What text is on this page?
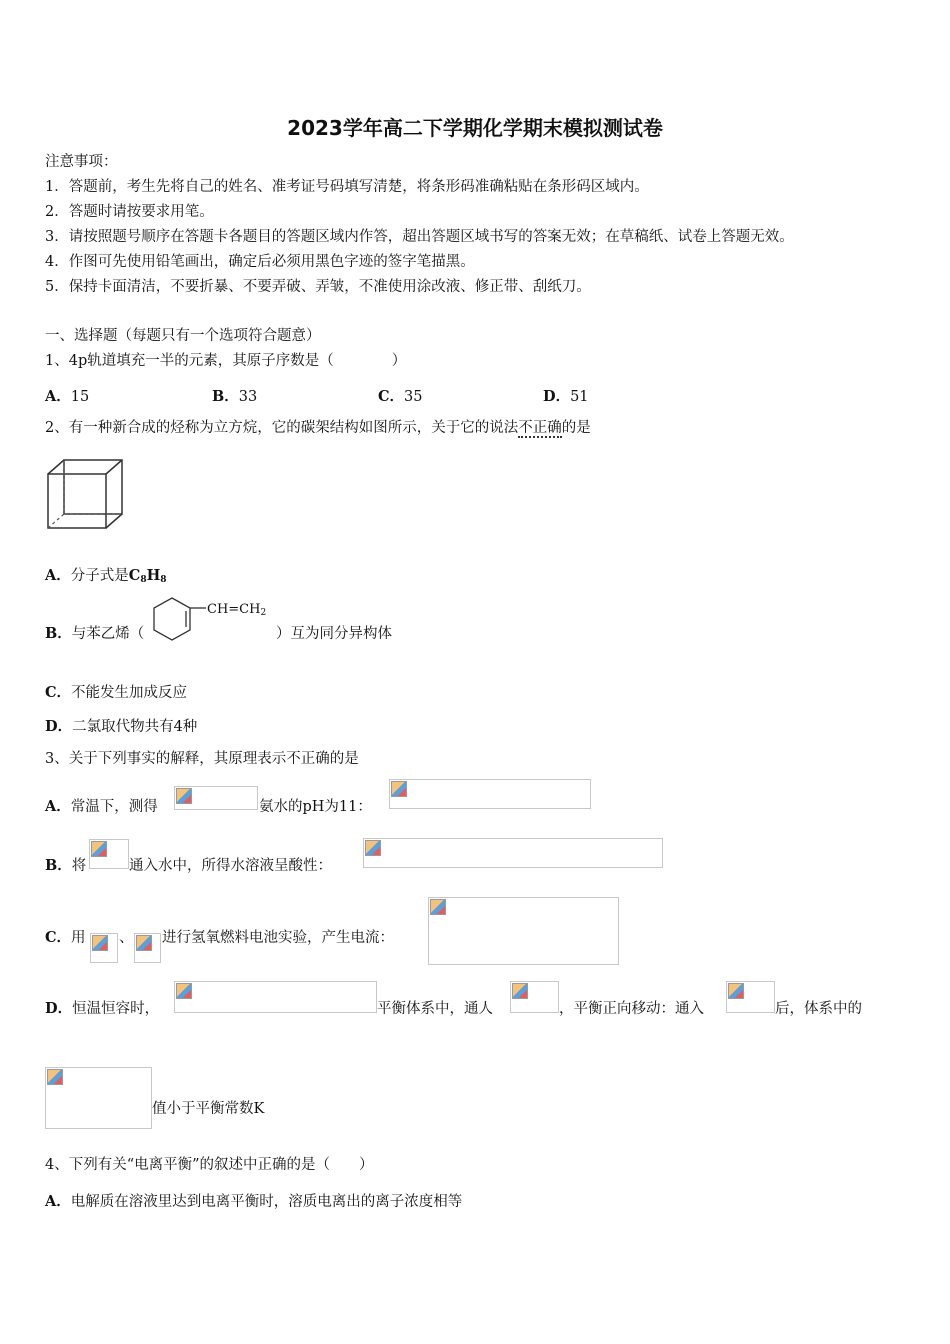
2023学年高二下学期化学期末模拟测试卷
注意事项：
1．答题前，考生先将自己的姓名、准考证号码填写清楚，将条形码准确粘贴在条形码区域内。
2．答题时请按要求用笔。
3．请按照题号顺序在答题卡各题目的答题区域内作答，超出答题区域书写的答案无效；在草稿纸、试卷上答题无效。
4．作图可先使用铅笔画出，确定后必须用黑色字迹的签字笔描黑。
5．保持卡面清洁，不要折暴、不要弄破、弄皱，不准使用涂改液、修正带、刮纸刀。
一、选择题（每题只有一个选项符合题意）
1、4p轨道填充一半的元素，其原子序数是（　　　　）
A．15	B．33	C．35	D．51
2、有一种新合成的烃称为立方烷，它的碳架结构如图所示，关于它的说法不正确的是
A．分子式是$C_8H_8$
B．与苯乙烯（
$CH=CH_2$
）互为同分异构体
C．不能发生加成反应
D．二氯取代物共有4种
3、关于下列事实的解释，其原理表示不正确的是
A．常温下，测得	氨水的pH为11：
B．将	通入水中，所得水溶液呈酸性：
C．用 、 进行氢氧燃料电池实验，产生电流：
D．恒温恒容时，	平衡体系中，通人	，平衡正向移动：通入	后，体系中的
值小于平衡常数K
4、下列有关“电离平衡”的叙述中正确的是（　　）
A．电解质在溶液里达到电离平衡时，溶质电离出的离子浓度相等
